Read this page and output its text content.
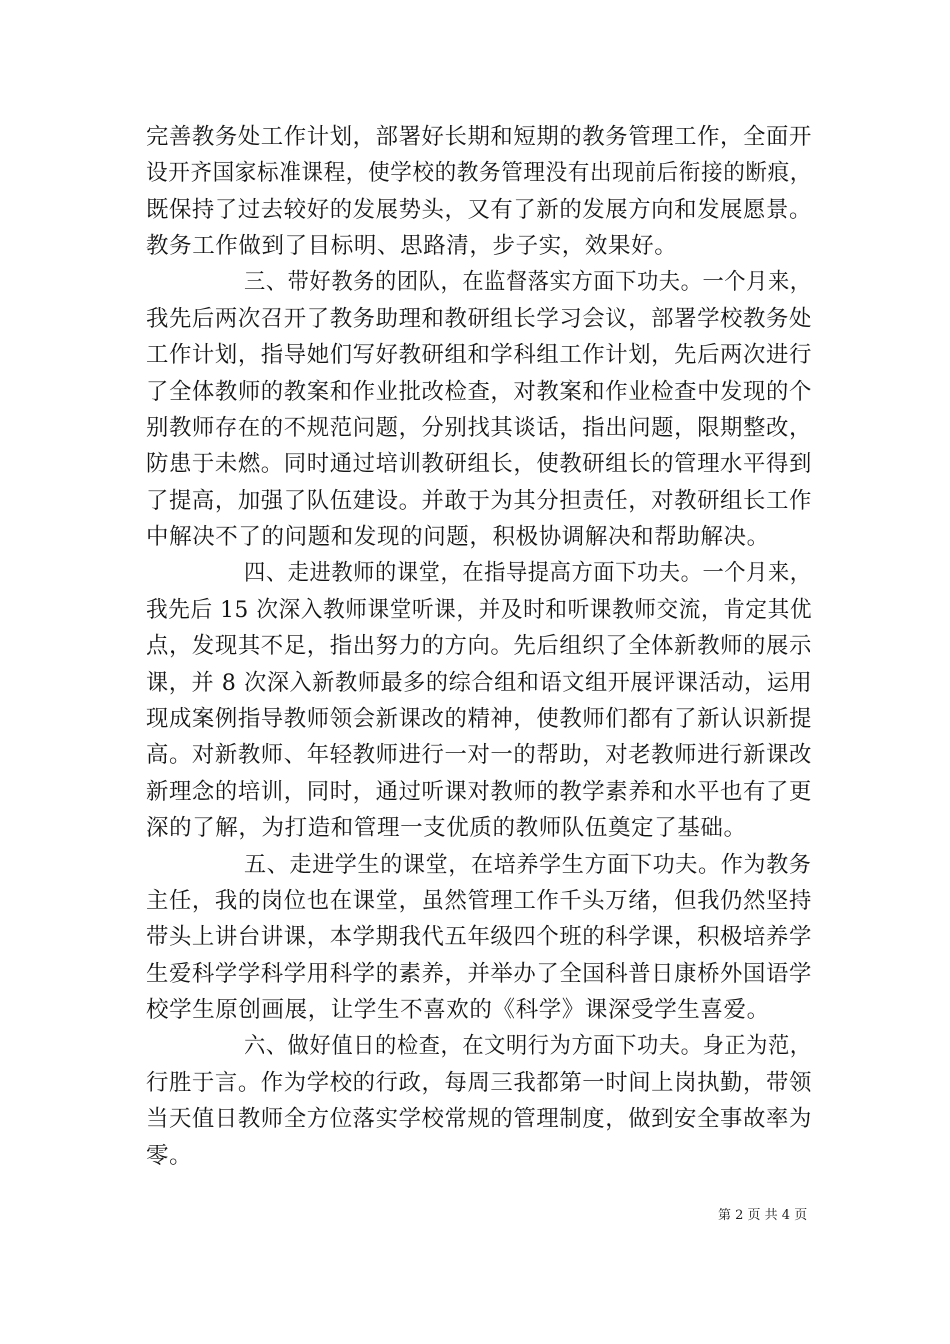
完善教务处工作计划，部署好长期和短期的教务管理工作，全面开
设开齐国家标准课程，使学校的教务管理没有出现前后衔接的断痕，
既保持了过去较好的发展势头，又有了新的发展方向和发展愿景。
教务工作做到了目标明、思路清，步子实，效果好。
三、带好教务的团队，在监督落实方面下功夫。一个月来，
我先后两次召开了教务助理和教研组长学习会议，部署学校教务处
工作计划，指导她们写好教研组和学科组工作计划，先后两次进行
了全体教师的教案和作业批改检查，对教案和作业检查中发现的个
别教师存在的不规范问题，分别找其谈话，指出问题，限期整改，
防患于未燃。同时通过培训教研组长，使教研组长的管理水平得到
了提高，加强了队伍建设。并敢于为其分担责任，对教研组长工作
中解决不了的问题和发现的问题，积极协调解决和帮助解决。
四、走进教师的课堂，在指导提高方面下功夫。一个月来，
我先后 15 次深入教师课堂听课，并及时和听课教师交流，肯定其优
点，发现其不足，指出努力的方向。先后组织了全体新教师的展示
课，并 8 次深入新教师最多的综合组和语文组开展评课活动，运用
现成案例指导教师领会新课改的精神，使教师们都有了新认识新提
高。对新教师、年轻教师进行一对一的帮助，对老教师进行新课改
新理念的培训，同时，通过听课对教师的教学素养和水平也有了更
深的了解，为打造和管理一支优质的教师队伍奠定了基础。
五、走进学生的课堂，在培养学生方面下功夫。作为教务
主任，我的岗位也在课堂，虽然管理工作千头万绪，但我仍然坚持
带头上讲台讲课，本学期我代五年级四个班的科学课，积极培养学
生爱科学学科学用科学的素养，并举办了全国科普日康桥外国语学
校学生原创画展，让学生不喜欢的《科学》课深受学生喜爱。
六、做好值日的检查，在文明行为方面下功夫。身正为范，
行胜于言。作为学校的行政，每周三我都第一时间上岗执勤，带领
当天值日教师全方位落实学校常规的管理制度，做到安全事故率为
零。
第 2 页 共 4 页
